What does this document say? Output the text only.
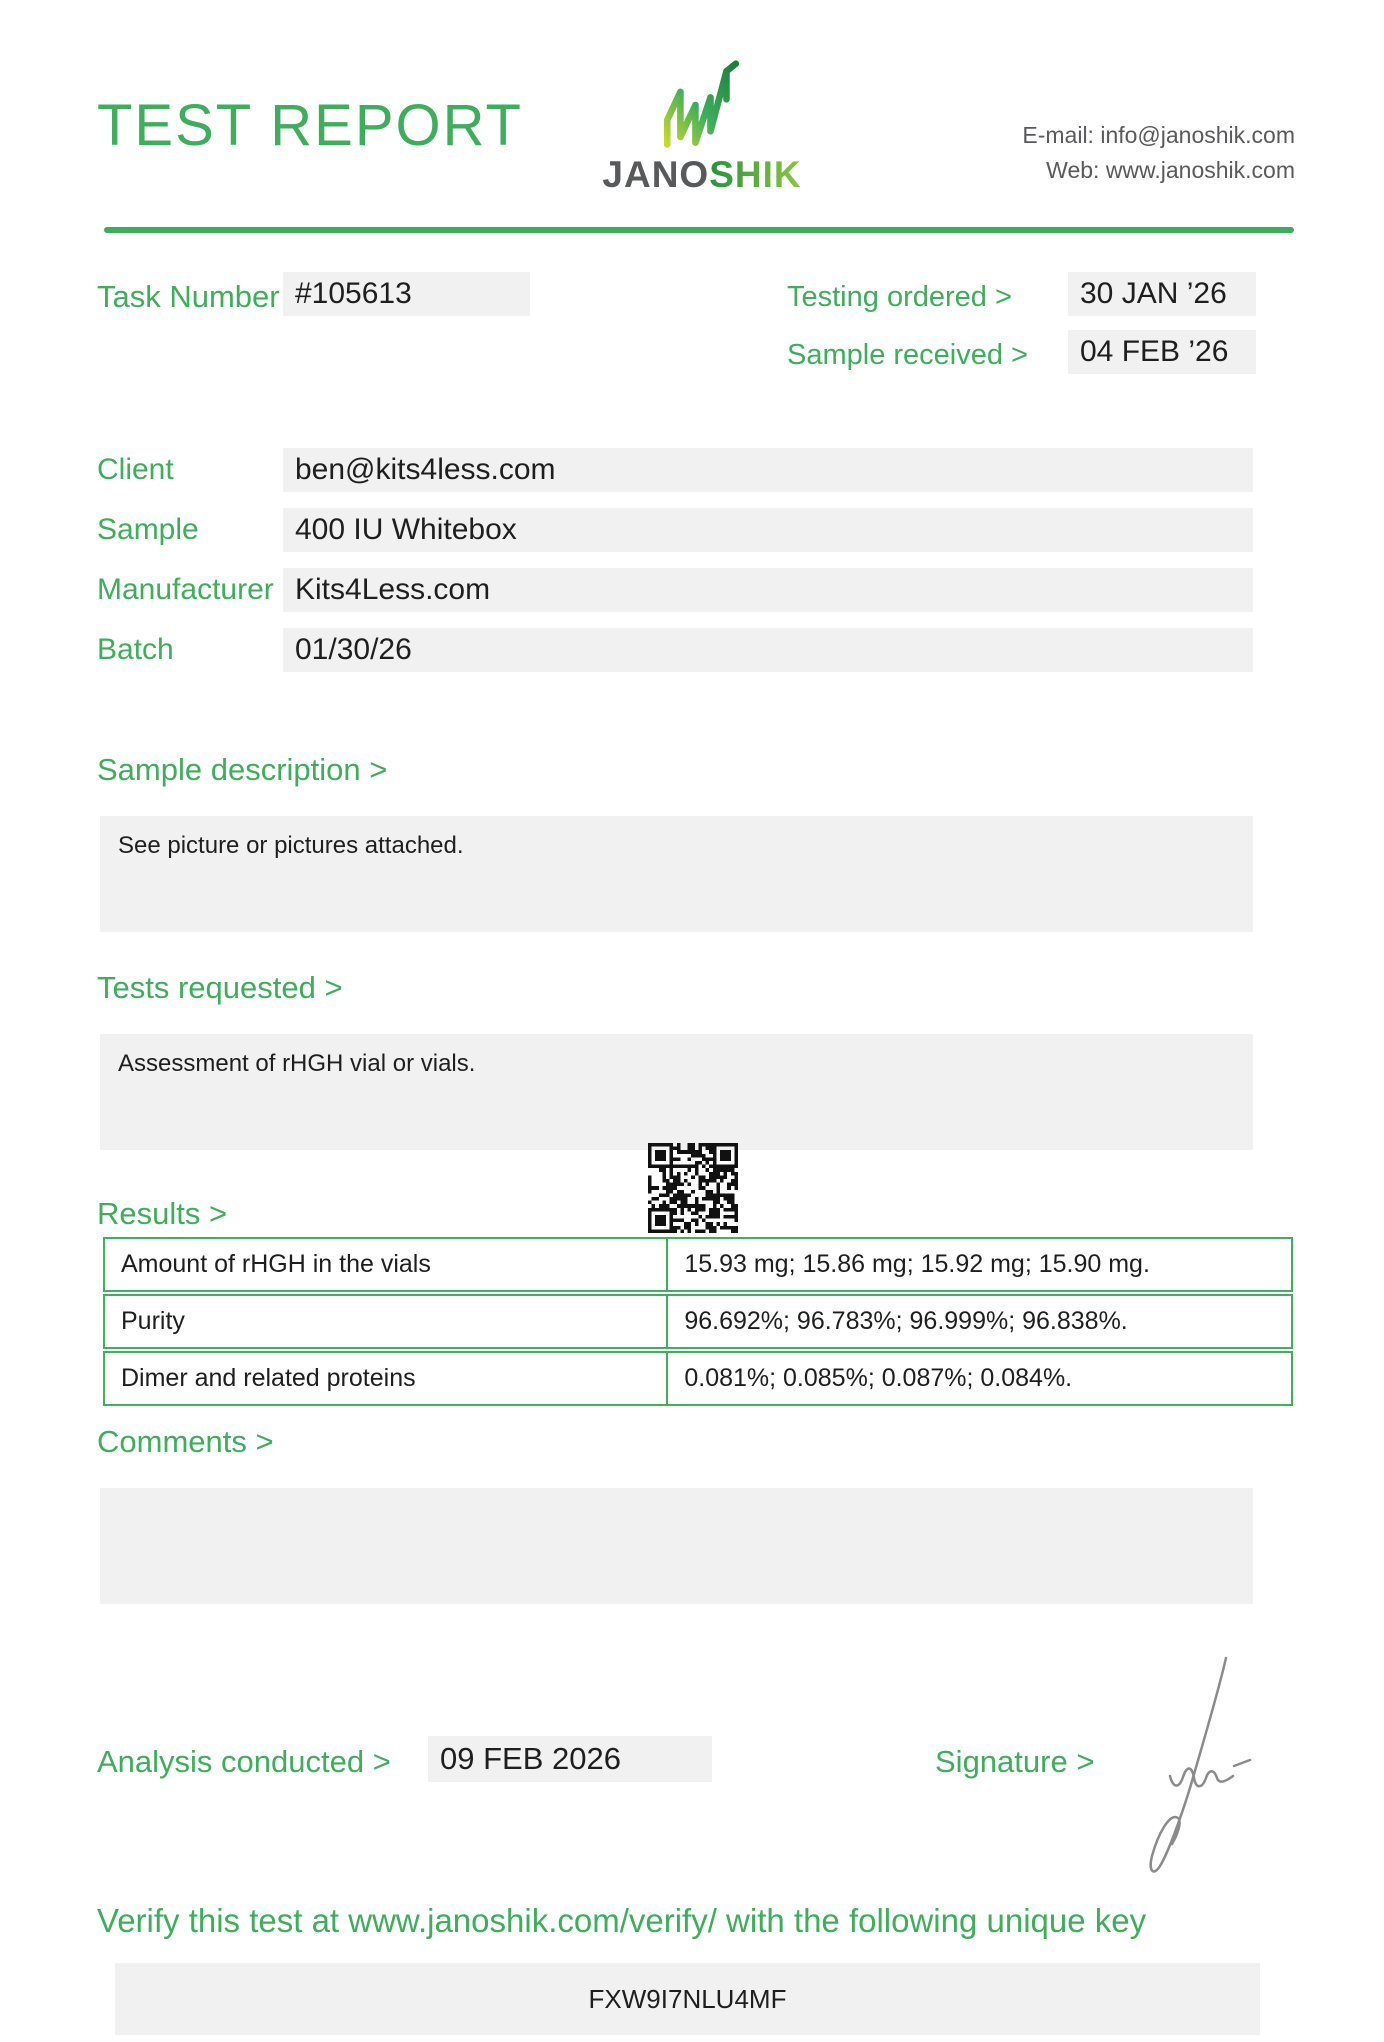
TEST REPORT
JANOSHIK
E-mail: info@janoshik.com
Web: www.janoshik.com
Task Number #105613	Testing ordered >	30 JAN ’26
Sample received >	04 FEB ’26
Client	ben@kits4less.com
Sample	400 IU Whitebox
Manufacturer Kits4Less.com
Batch	01/30/26
Sample description >
See picture or pictures attached.
Tests requested >
Assessment of rHGH vial or vials.
Results >
Amount of rHGH in the vials	15.93 mg; 15.86 mg; 15.92 mg; 15.90 mg.
Purity	96.692%; 96.783%; 96.999%; 96.838%.
Dimer and related proteins	0.081%; 0.085%; 0.087%; 0.084%.
Comments >
Analysis conducted >	09 FEB 2026	Signature >
Verify this test at www.janoshik.com/verify/ with the following unique key
FXW9I7NLU4MF
